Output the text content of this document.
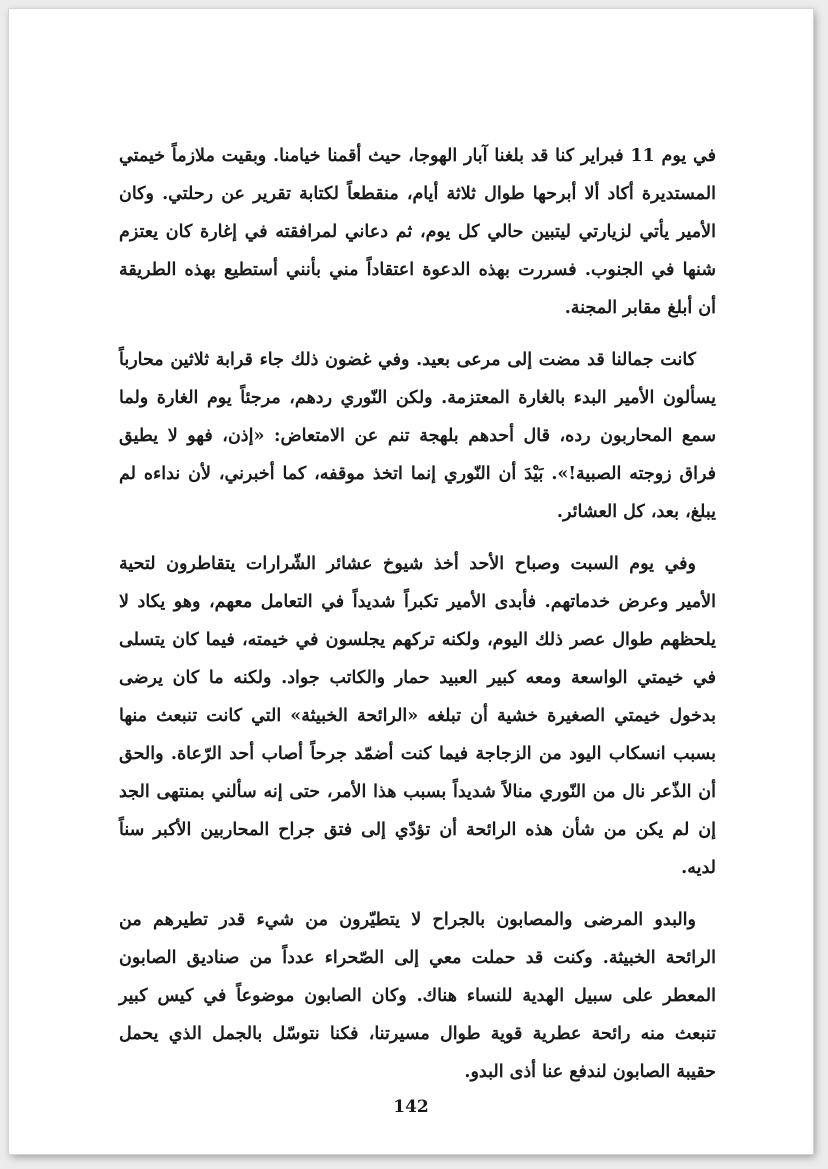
في يوم 11 فبراير كنا قد بلغنا آبار الهوجا، حيث أقمنا خيامنا. وبقيت ملازماً خيمتي المستديرة أكاد ألا أبرحها طوال ثلاثة أيام، منقطعاً لكتابة تقرير عن رحلتي. وكان الأمير يأتي لزيارتي ليتبين حالي كل يوم، ثم دعاني لمرافقته في إغارة كان يعتزم شنها في الجنوب. فسررت بهذه الدعوة اعتقاداً مني بأنني أستطيع بهذه الطريقة أن أبلغ مقابر المجنة.

كانت جمالنا قد مضت إلى مرعى بعيد. وفي غضون ذلك جاء قرابة ثلاثين محارباً يسألون الأمير البدء بالغارة المعتزمة. ولكن النّوري ردهم، مرجئاً يوم الغارة ولما سمع المحاربون رده، قال أحدهم بلهجة تنم عن الامتعاض: «إذن، فهو لا يطيق فراق زوجته الصبية!». بَيْدَ أن النّوري إنما اتخذ موقفه، كما أخبرني، لأن نداءه لم يبلغ، بعد، كل العشائر.

وفي يوم السبت وصباح الأحد أخذ شيوخ عشائر الشّرارات يتقاطرون لتحية الأمير وعرض خدماتهم. فأبدى الأمير تكبراً شديداً في التعامل معهم، وهو يكاد لا يلحظهم طوال عصر ذلك اليوم، ولكنه تركهم يجلسون في خيمته، فيما كان يتسلى في خيمتي الواسعة ومعه كبير العبيد حمار والكاتب جواد. ولكنه ما كان يرضى بدخول خيمتي الصغيرة خشية أن تبلغه «الرائحة الخبيثة» التي كانت تنبعث منها بسبب انسكاب اليود من الزجاجة فيما كنت أضمّد جرحاً أصاب أحد الرّعاة. والحق أن الذّعر نال من النّوري منالاً شديداً بسبب هذا الأمر، حتى إنه سألني بمنتهى الجد إن لم يكن من شأن هذه الرائحة أن تؤدّي إلى فتق جراح المحاربين الأكبر سناً لديه.

والبدو المرضى والمصابون بالجراح لا يتطيّرون من شيء قدر تطيرهم من الرائحة الخبيثة. وكنت قد حملت معي إلى الصّحراء عدداً من صناديق الصابون المعطر على سبيل الهدية للنساء هناك. وكان الصابون موضوعاً في كيس كبير تنبعث منه رائحة عطرية قوية طوال مسيرتنا، فكنا نتوسّل بالجمل الذي يحمل حقيبة الصابون لندفع عنا أذى البدو.

142
